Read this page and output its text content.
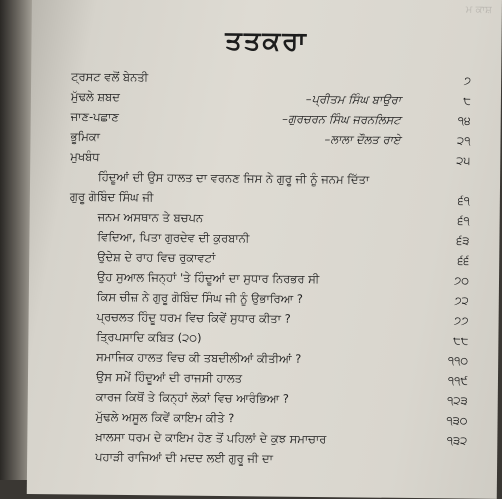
ਮ ਕਾਸ਼
ਤਤਕਰਾ
ਟ੍ਰਸਟ ਵਲੋਂ ਬੇਨਤੀ	੭
ਮੁੱਢਲੇ ਸ਼ਬਦ	–ਪ੍ਰੀਤਮ ਸਿੰਘ ਬਾਉਰਾ	੮
ਜਾਣ-ਪਛਾਣ	–ਗੁਰਚਰਨ ਸਿੰਘ ਜਰਨਲਿਸਟ	੧੪
ਭੂਮਿਕਾ	–ਲਾਲਾ ਦੌਲਤ ਰਾਏ	੨੧
ਮੁਖਬੰਧ	੨੫
ਹਿੰਦੂਆਂ ਦੀ ਉਸ ਹਾਲਤ ਦਾ ਵਰਨਣ ਜਿਸ ਨੇ ਗੁਰੂ ਜੀ ਨੂੰ ਜਨਮ ਦਿੱਤਾ
ਗੁਰੂ ਗੋਬਿੰਦ ਸਿੰਘ ਜੀ	੬੧
ਜਨਮ ਅਸਥਾਨ ਤੇ ਬਚਪਨ	੬੧
ਵਿਦਿਆ, ਪਿਤਾ ਗੁਰਦੇਵ ਦੀ ਕੁਰਬਾਨੀ	੬੩
ਉਦੇਸ਼ ਦੇ ਰਾਹ ਵਿਚ ਰੁਕਾਵਟਾਂ	੬੬
ਉਹ ਸੁਆਲ ਜਿਨ੍ਹਾਂ 'ਤੇ ਹਿੰਦੂਆਂ ਦਾ ਸੁਧਾਰ ਨਿਰਭਰ ਸੀ	੭੦
ਕਿਸ ਚੀਜ਼ ਨੇ ਗੁਰੂ ਗੋਬਿੰਦ ਸਿੰਘ ਜੀ ਨੂੰ ਉਭਾਰਿਆ ?	੭੨
ਪ੍ਰਚਲਤ ਹਿੰਦੂ ਧਰਮ ਵਿਚ ਕਿਵੇਂ ਸੁਧਾਰ ਕੀਤਾ ?	੭੭
ਤ੍ਰਿਪਸਾਦਿ ਕਬਿਤ (੨੦)	੮੮
ਸਮਾਜਿਕ ਹਾਲਤ ਵਿਚ ਕੀ ਤਬਦੀਲੀਆਂ ਕੀਤੀਆਂ ?	੧੧੦
ਉਸ ਸਮੇਂ ਹਿੰਦੂਆਂ ਦੀ ਰਾਜਸੀ ਹਾਲਤ	੧੧੯
ਕਾਰਜ ਕਿਥੋਂ ਤੇ ਕਿਨ੍ਹਾਂ ਲੋਕਾਂ ਵਿਚ ਆਰੰਭਿਆ ?	੧੨੩
ਮੁੱਢਲੇ ਅਸੂਲ ਕਿਵੇਂ ਕਾਇਮ ਕੀਤੇ ?	੧੩੦
ਖ਼ਾਲਸਾ ਧਰਮ ਦੇ ਕਾਇਮ ਹੋਣ ਤੋਂ ਪਹਿਲਾਂ ਦੇ ਕੁਝ ਸਮਾਚਾਰ	੧੩੨
ਪਹਾੜੀ ਰਾਜਿਆਂ ਦੀ ਮਦਦ ਲਈ ਗੁਰੂ ਜੀ ਦਾ
